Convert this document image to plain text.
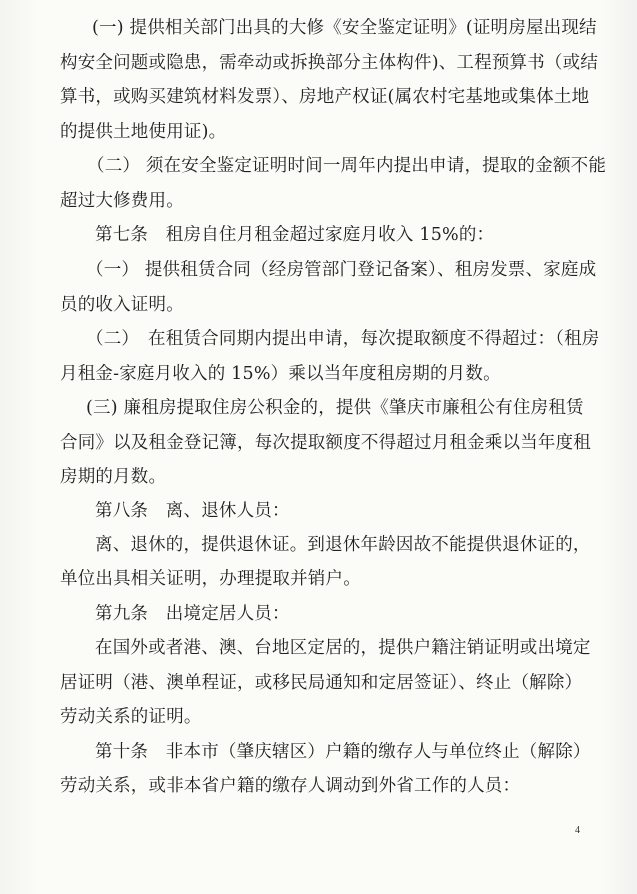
(一) 提供相关部门出具的大修《安全鉴定证明》(证明房屋出现结
构安全问题或隐患，需牵动或拆换部分主体构件)、工程预算书（或结
算书，或购买建筑材料发票）、房地产权证(属农村宅基地或集体土地
的提供土地使用证)。
（二） 须在安全鉴定证明时间一周年内提出申请，提取的金额不能
超过大修费用。
第七条　租房自住月租金超过家庭月收入 15%的：
（一） 提供租赁合同（经房管部门登记备案）、租房发票、家庭成
员的收入证明。
（二）　在租赁合同期内提出申请，每次提取额度不得超过：（租房
月租金-家庭月收入的 15%）乘以当年度租房期的月数。
(三) 廉租房提取住房公积金的，提供《肇庆市廉租公有住房租赁
合同》以及租金登记簿，每次提取额度不得超过月租金乘以当年度租
房期的月数。
第八条　离、退休人员：
离、退休的，提供退休证。到退休年龄因故不能提供退休证的，
单位出具相关证明，办理提取并销户。
第九条　出境定居人员：
在国外或者港、澳、台地区定居的，提供户籍注销证明或出境定
居证明（港、澳单程证，或移民局通知和定居签证）、终止（解除）
劳动关系的证明。
第十条　非本市（肇庆辖区）户籍的缴存人与单位终止（解除）
劳动关系，或非本省户籍的缴存人调动到外省工作的人员：
4
